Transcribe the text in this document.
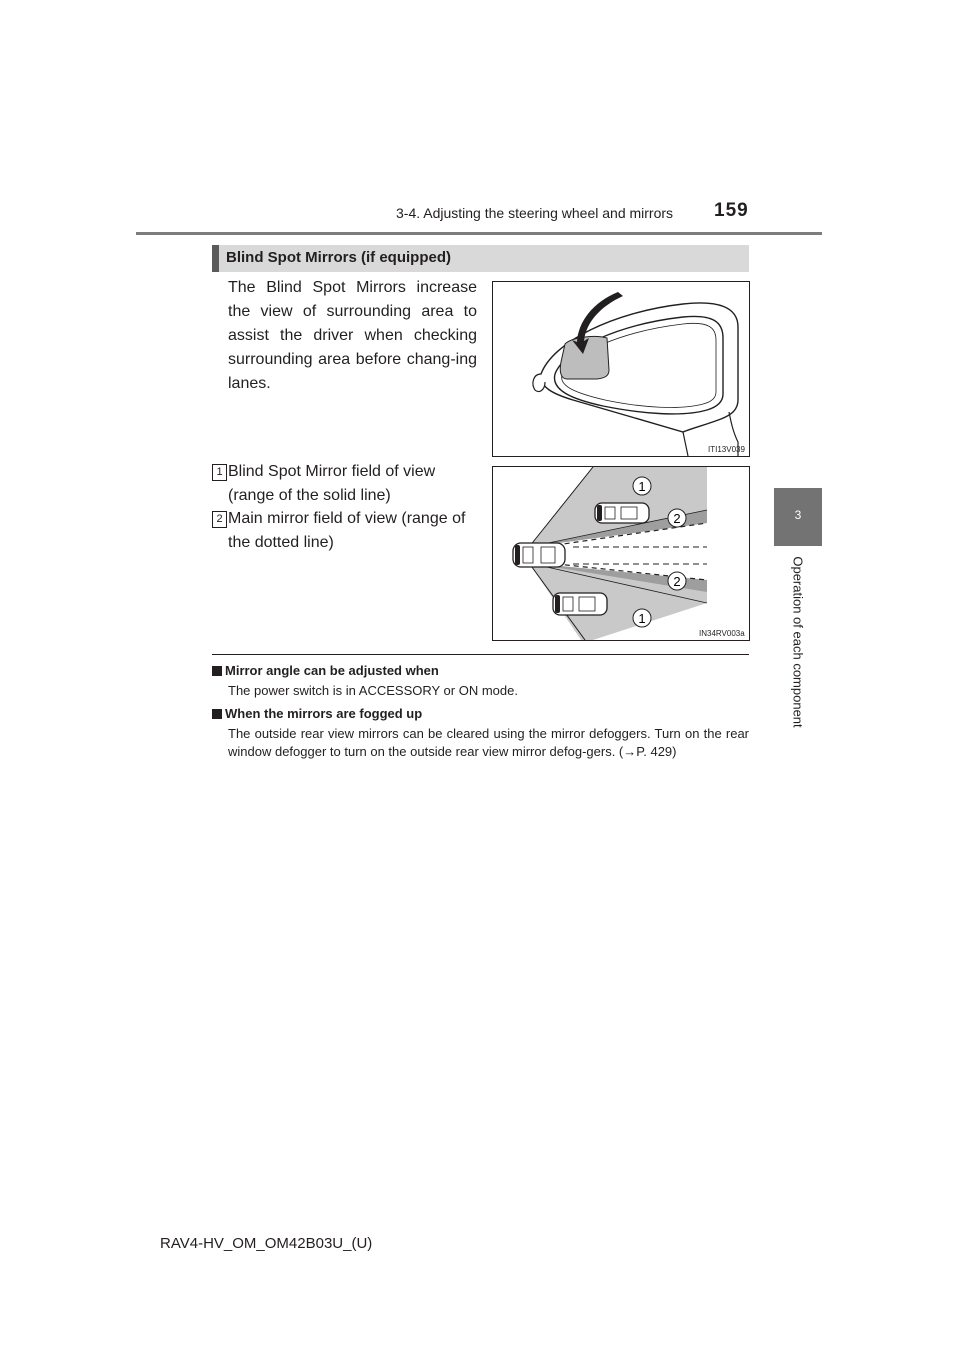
3-4. Adjusting the steering wheel and mirrors 159
3
Operation of each component
Blind Spot Mirrors (if equipped)
The Blind Spot Mirrors increase the view of surrounding area to assist the driver when checking surrounding area before chang-ing lanes.
ITI13V039
1 Blind Spot Mirror field of view (range of the solid line)
2 Main mirror field of view (range of the dotted line)
1
2
2
1
IN34RV003a
Mirror angle can be adjusted when
The power switch is in ACCESSORY or ON mode.
When the mirrors are fogged up
The outside rear view mirrors can be cleared using the mirror defoggers. Turn on the rear window defogger to turn on the outside rear view mirror defog-gers. (→P. 429)
RAV4-HV_OM_OM42B03U_(U)
